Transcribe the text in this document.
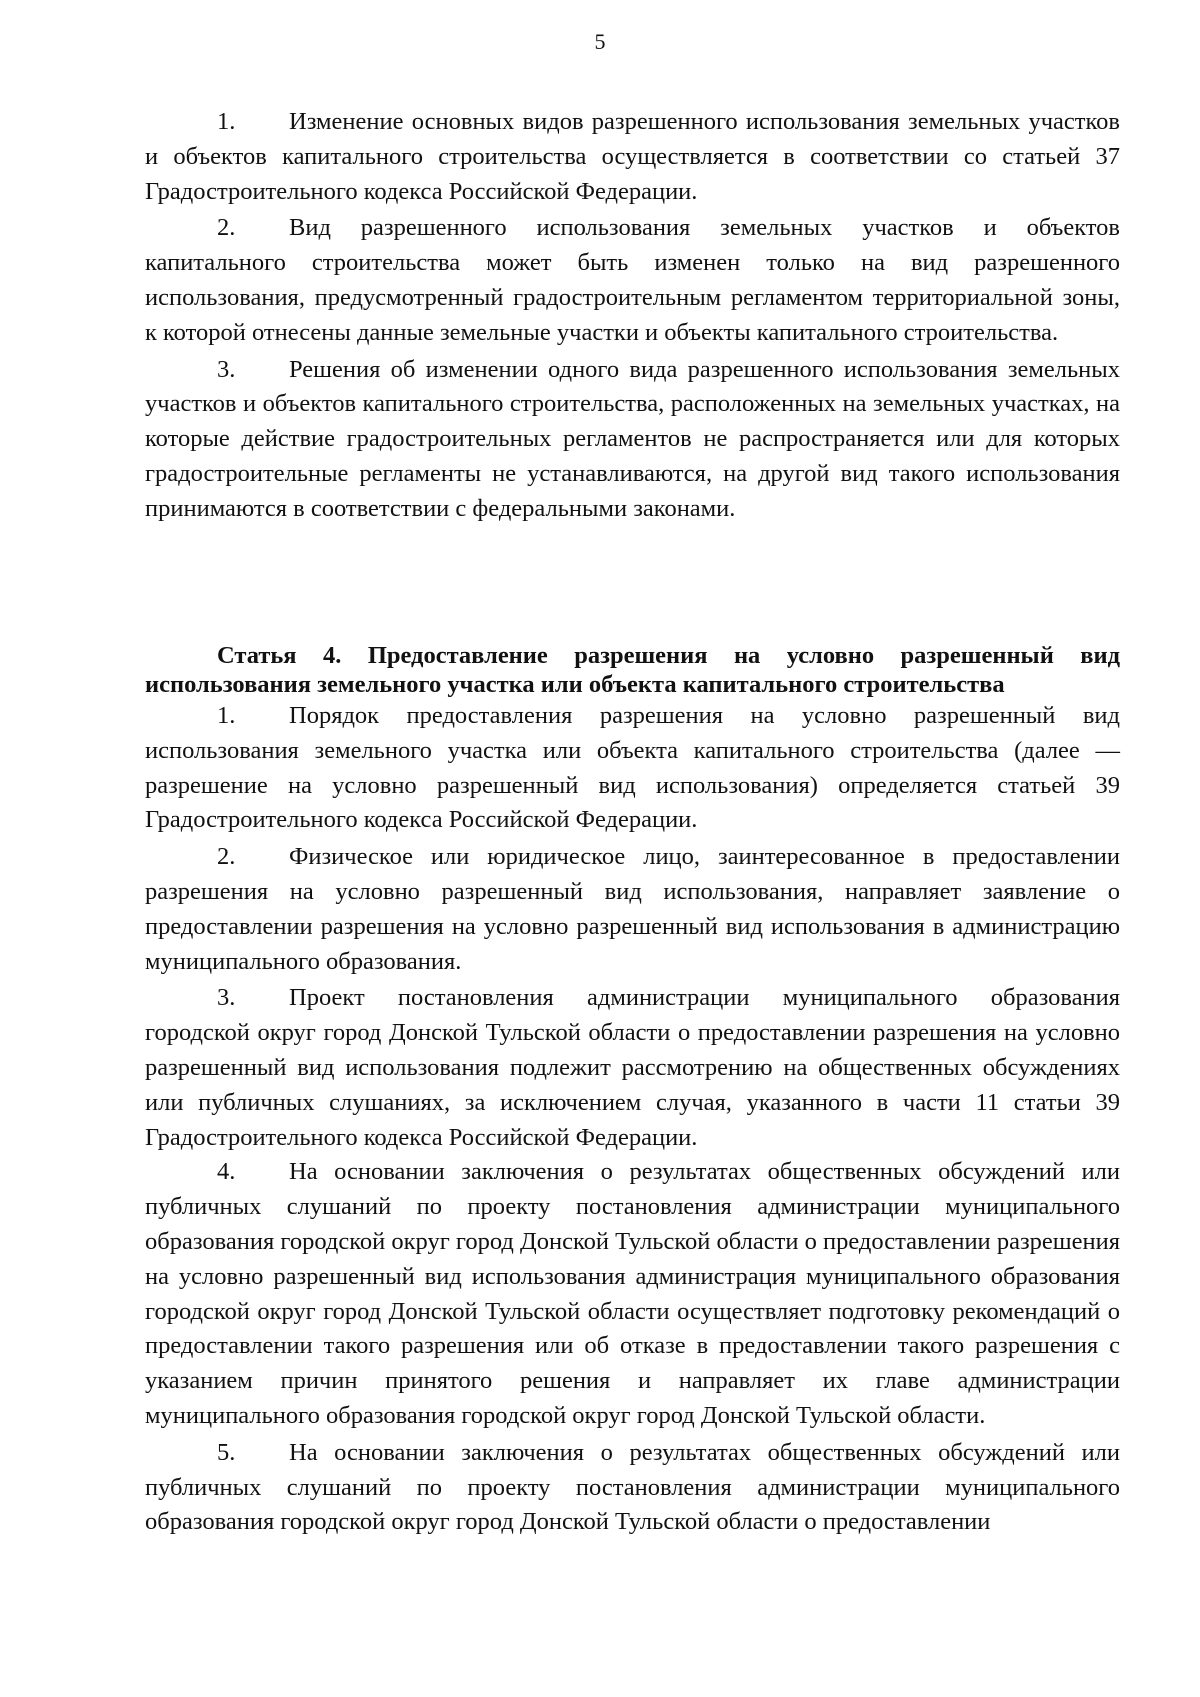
5

1. Изменение основных видов разрешенного использования земельных участков и объектов капитального строительства осуществляется в соответствии со статьей 37 Градостроительного кодекса Российской Федерации.

2. Вид разрешенного использования земельных участков и объектов капитального строительства может быть изменен только на вид разрешенного использования, предусмотренный градостроительным регламентом территориальной зоны, к которой отнесены данные земельные участки и объекты капитального строительства.

3. Решения об изменении одного вида разрешенного использования земельных участков и объектов капитального строительства, расположенных на земельных участках, на которые действие градостроительных регламентов не распространяется или для которых градостроительные регламенты не устанавливаются, на другой вид такого использования принимаются в соответствии с федеральными законами.

Статья 4. Предоставление разрешения на условно разрешенный вид использования земельного участка или объекта капитального строительства

1. Порядок предоставления разрешения на условно разрешенный вид использования земельного участка или объекта капитального строительства (далее — разрешение на условно разрешенный вид использования) определяется статьей 39 Градостроительного кодекса Российской Федерации.

2. Физическое или юридическое лицо, заинтересованное в предоставлении разрешения на условно разрешенный вид использования, направляет заявление о предоставлении разрешения на условно разрешенный вид использования в администрацию муниципального образования.

3. Проект постановления администрации муниципального образования городской округ город Донской Тульской области о предоставлении разрешения на условно разрешенный вид использования подлежит рассмотрению на общественных обсуждениях или публичных слушаниях, за исключением случая, указанного в части 11 статьи 39 Градостроительного кодекса Российской Федерации.

4. На основании заключения о результатах общественных обсуждений или публичных слушаний по проекту постановления администрации муниципального образования городской округ город Донской Тульской области о предоставлении разрешения на условно разрешенный вид использования администрация муниципального образования городской округ город Донской Тульской области осуществляет подготовку рекомендаций о предоставлении такого разрешения или об отказе в предоставлении такого разрешения с указанием причин принятого решения и направляет их главе администрации муниципального образования городской округ город Донской Тульской области.

5. На основании заключения о результатах общественных обсуждений или публичных слушаний по проекту постановления администрации муниципального образования городской округ город Донской Тульской области о предоставлении
